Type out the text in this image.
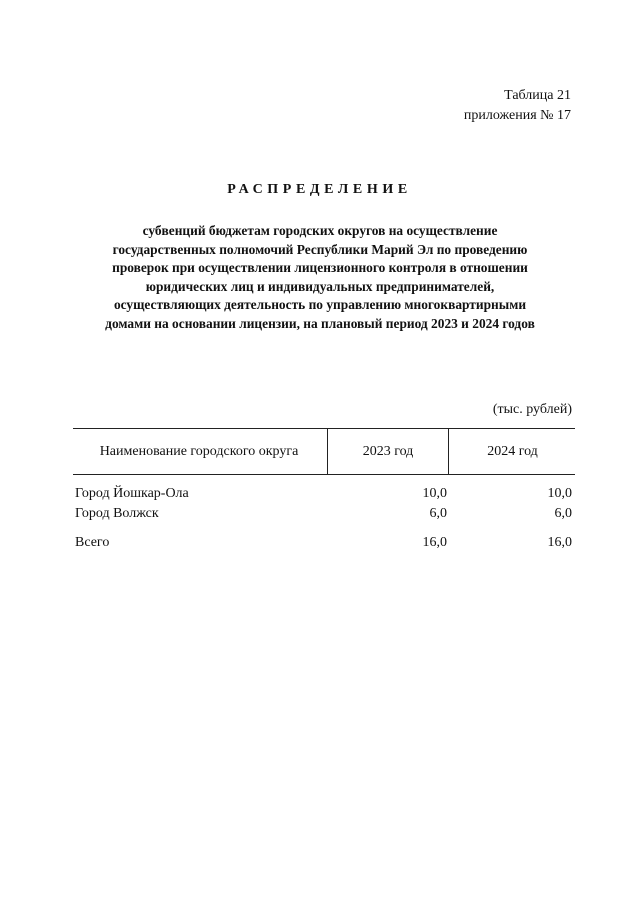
Таблица 21
приложения № 17
РАСПРЕДЕЛЕНИЕ
субвенций бюджетам городских округов на осуществление
государственных полномочий Республики Марий Эл по проведению
проверок при осуществлении лицензионного контроля в отношении
юридических лиц и индивидуальных предпринимателей,
осуществляющих деятельность по управлению многоквартирными
домами на основании лицензии, на плановый период 2023 и 2024 годов
(тыс. рублей)
Наименование городского округа	2023 год	2024 год
Город Йошкар-Ола	10,0	10,0
Город Волжск	6,0	6,0
Всего	16,0	16,0
